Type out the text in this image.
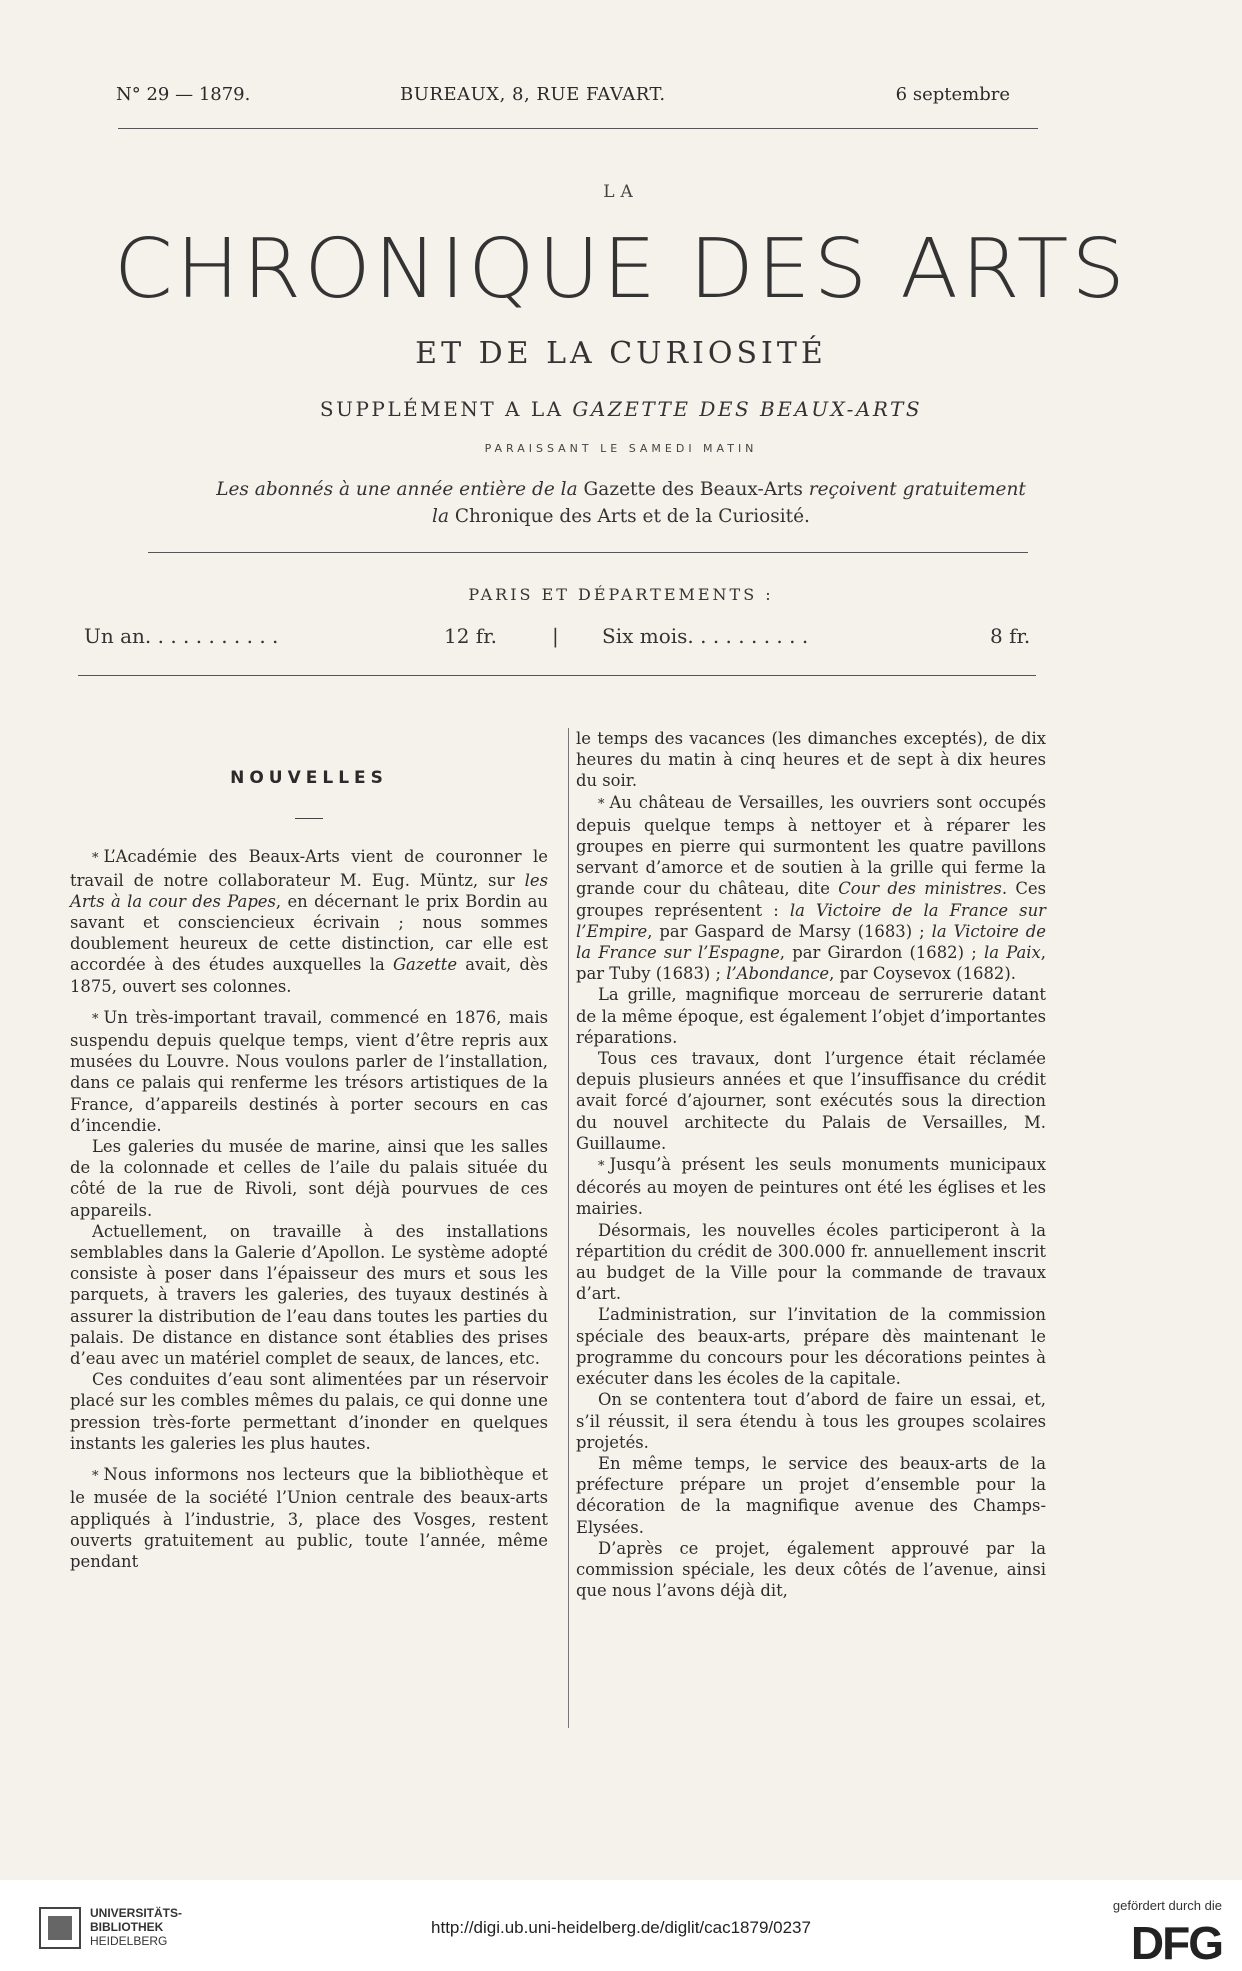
N° 29 — 1879.	BUREAUX, 8, RUE FAVART.	6 septembre
LA
CHRONIQUE DES ARTS
ET DE LA CURIOSITÉ
SUPPLÉMENT A LA GAZETTE DES BEAUX-ARTS
PARAISSANT LE SAMEDI MATIN
Les abonnés à une année entière de la Gazette des Beaux-Arts reçoivent gratuitement
la Chronique des Arts et de la Curiosité.
PARIS ET DÉPARTEMENTS :
Un an. . . . . . . . . . .	12 fr.	| Six mois. . . . . . . . . .	8 fr.

NOUVELLES

* L’Académie des Beaux-Arts vient de couronner le travail de notre collaborateur M. Eug. Müntz, sur les Arts à la cour des Papes, en décernant le prix Bordin au savant et consciencieux écrivain ; nous sommes doublement heureux de cette distinction, car elle est accordée à des études auxquelles la Gazette avait, dès 1875, ouvert ses colonnes.

* Un très-important travail, commencé en 1876, mais suspendu depuis quelque temps, vient d’être repris aux musées du Louvre. Nous voulons parler de l’installation, dans ce palais qui renferme les trésors artistiques de la France, d’appareils destinés à porter secours en cas d’incendie.

Les galeries du musée de marine, ainsi que les salles de la colonnade et celles de l’aile du palais située du côté de la rue de Rivoli, sont déjà pourvues de ces appareils.

Actuellement, on travaille à des installations semblables dans la Galerie d’Apollon. Le système adopté consiste à poser dans l’épaisseur des murs et sous les parquets, à travers les galeries, des tuyaux destinés à assurer la distribution de l’eau dans toutes les parties du palais. De distance en distance sont établies des prises d’eau avec un matériel complet de seaux, de lances, etc.

Ces conduites d’eau sont alimentées par un réservoir placé sur les combles mêmes du palais, ce qui donne une pression très-forte permettant d’inonder en quelques instants les galeries les plus hautes.

* Nous informons nos lecteurs que la bibliothèque et le musée de la société l’Union centrale des beaux-arts appliqués à l’industrie, 3, place des Vosges, restent ouverts gratuitement au public, toute l’année, même pendant

le temps des vacances (les dimanches exceptés), de dix heures du matin à cinq heures et de sept à dix heures du soir.

* Au château de Versailles, les ouvriers sont occupés depuis quelque temps à nettoyer et à réparer les groupes en pierre qui surmontent les quatre pavillons servant d’amorce et de soutien à la grille qui ferme la grande cour du château, dite Cour des ministres. Ces groupes représentent : la Victoire de la France sur l’Empire, par Gaspard de Marsy (1683) ; la Victoire de la France sur l’Espagne, par Girardon (1682) ; la Paix, par Tuby (1683) ; l’Abondance, par Coysevox (1682).

La grille, magnifique morceau de serrurerie datant de la même époque, est également l’objet d’importantes réparations.

Tous ces travaux, dont l’urgence était réclamée depuis plusieurs années et que l’insuffisance du crédit avait forcé d’ajourner, sont exécutés sous la direction du nouvel architecte du Palais de Versailles, M. Guillaume.

* Jusqu’à présent les seuls monuments municipaux décorés au moyen de peintures ont été les églises et les mairies.

Désormais, les nouvelles écoles participeront à la répartition du crédit de 300.000 fr. annuellement inscrit au budget de la Ville pour la commande de travaux d’art.

L’administration, sur l’invitation de la commission spéciale des beaux-arts, prépare dès maintenant le programme du concours pour les décorations peintes à exécuter dans les écoles de la capitale.

On se contentera tout d’abord de faire un essai, et, s’il réussit, il sera étendu à tous les groupes scolaires projetés.

En même temps, le service des beaux-arts de la préfecture prépare un projet d’ensemble pour la décoration de la magnifique avenue des Champs-Elysées.

D’après ce projet, également approuvé par la commission spéciale, les deux côtés de l’avenue, ainsi que nous l’avons déjà dit,

UNIVERSITÄTS-
BIBLIOTHEK
HEIDELBERG
http://digi.ub.uni-heidelberg.de/diglit/cac1879/0237
gefördert durch die
DFG
